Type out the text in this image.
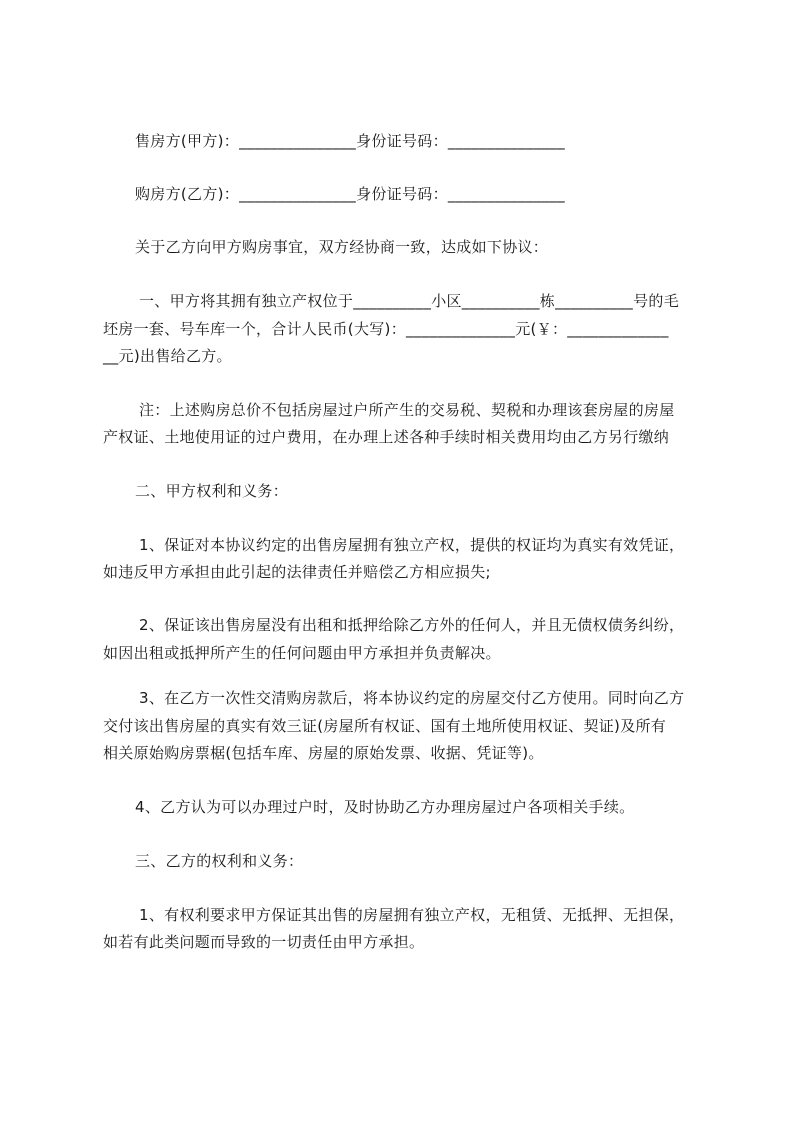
售房方(甲方)：_______________身份证号码：_______________
购房方(乙方)：_______________身份证号码：_______________
关于乙方向甲方购房事宜，双方经协商一致，达成如下协议：
一、甲方将其拥有独立产权位于__________小区__________栋__________号的毛
坯房一套、号车库一个，合计人民币(大写)：______________元(￥：_____________
__元)出售给乙方。
注：上述购房总价不包括房屋过户所产生的交易税、契税和办理该套房屋的房屋
产权证、土地使用证的过户费用，在办理上述各种手续时相关费用均由乙方另行缴纳
二、甲方权利和义务：
1、保证对本协议约定的出售房屋拥有独立产权，提供的权证均为真实有效凭证，
如违反甲方承担由此引起的法律责任并赔偿乙方相应损失;
2、保证该出售房屋没有出租和抵押给除乙方外的任何人，并且无债权债务纠纷，
如因出租或抵押所产生的任何问题由甲方承担并负责解决。
3、在乙方一次性交清购房款后，将本协议约定的房屋交付乙方使用。同时向乙方
交付该出售房屋的真实有效三证(房屋所有权证、国有土地所使用权证、契证)及所有
相关原始购房票椐(包括车库、房屋的原始发票、收据、凭证等)。
4、乙方认为可以办理过户时，及时协助乙方办理房屋过户各项相关手续。
三、乙方的权利和义务：
1、有权利要求甲方保证其出售的房屋拥有独立产权，无租赁、无抵押、无担保，
如若有此类问题而导致的一切责任由甲方承担。
